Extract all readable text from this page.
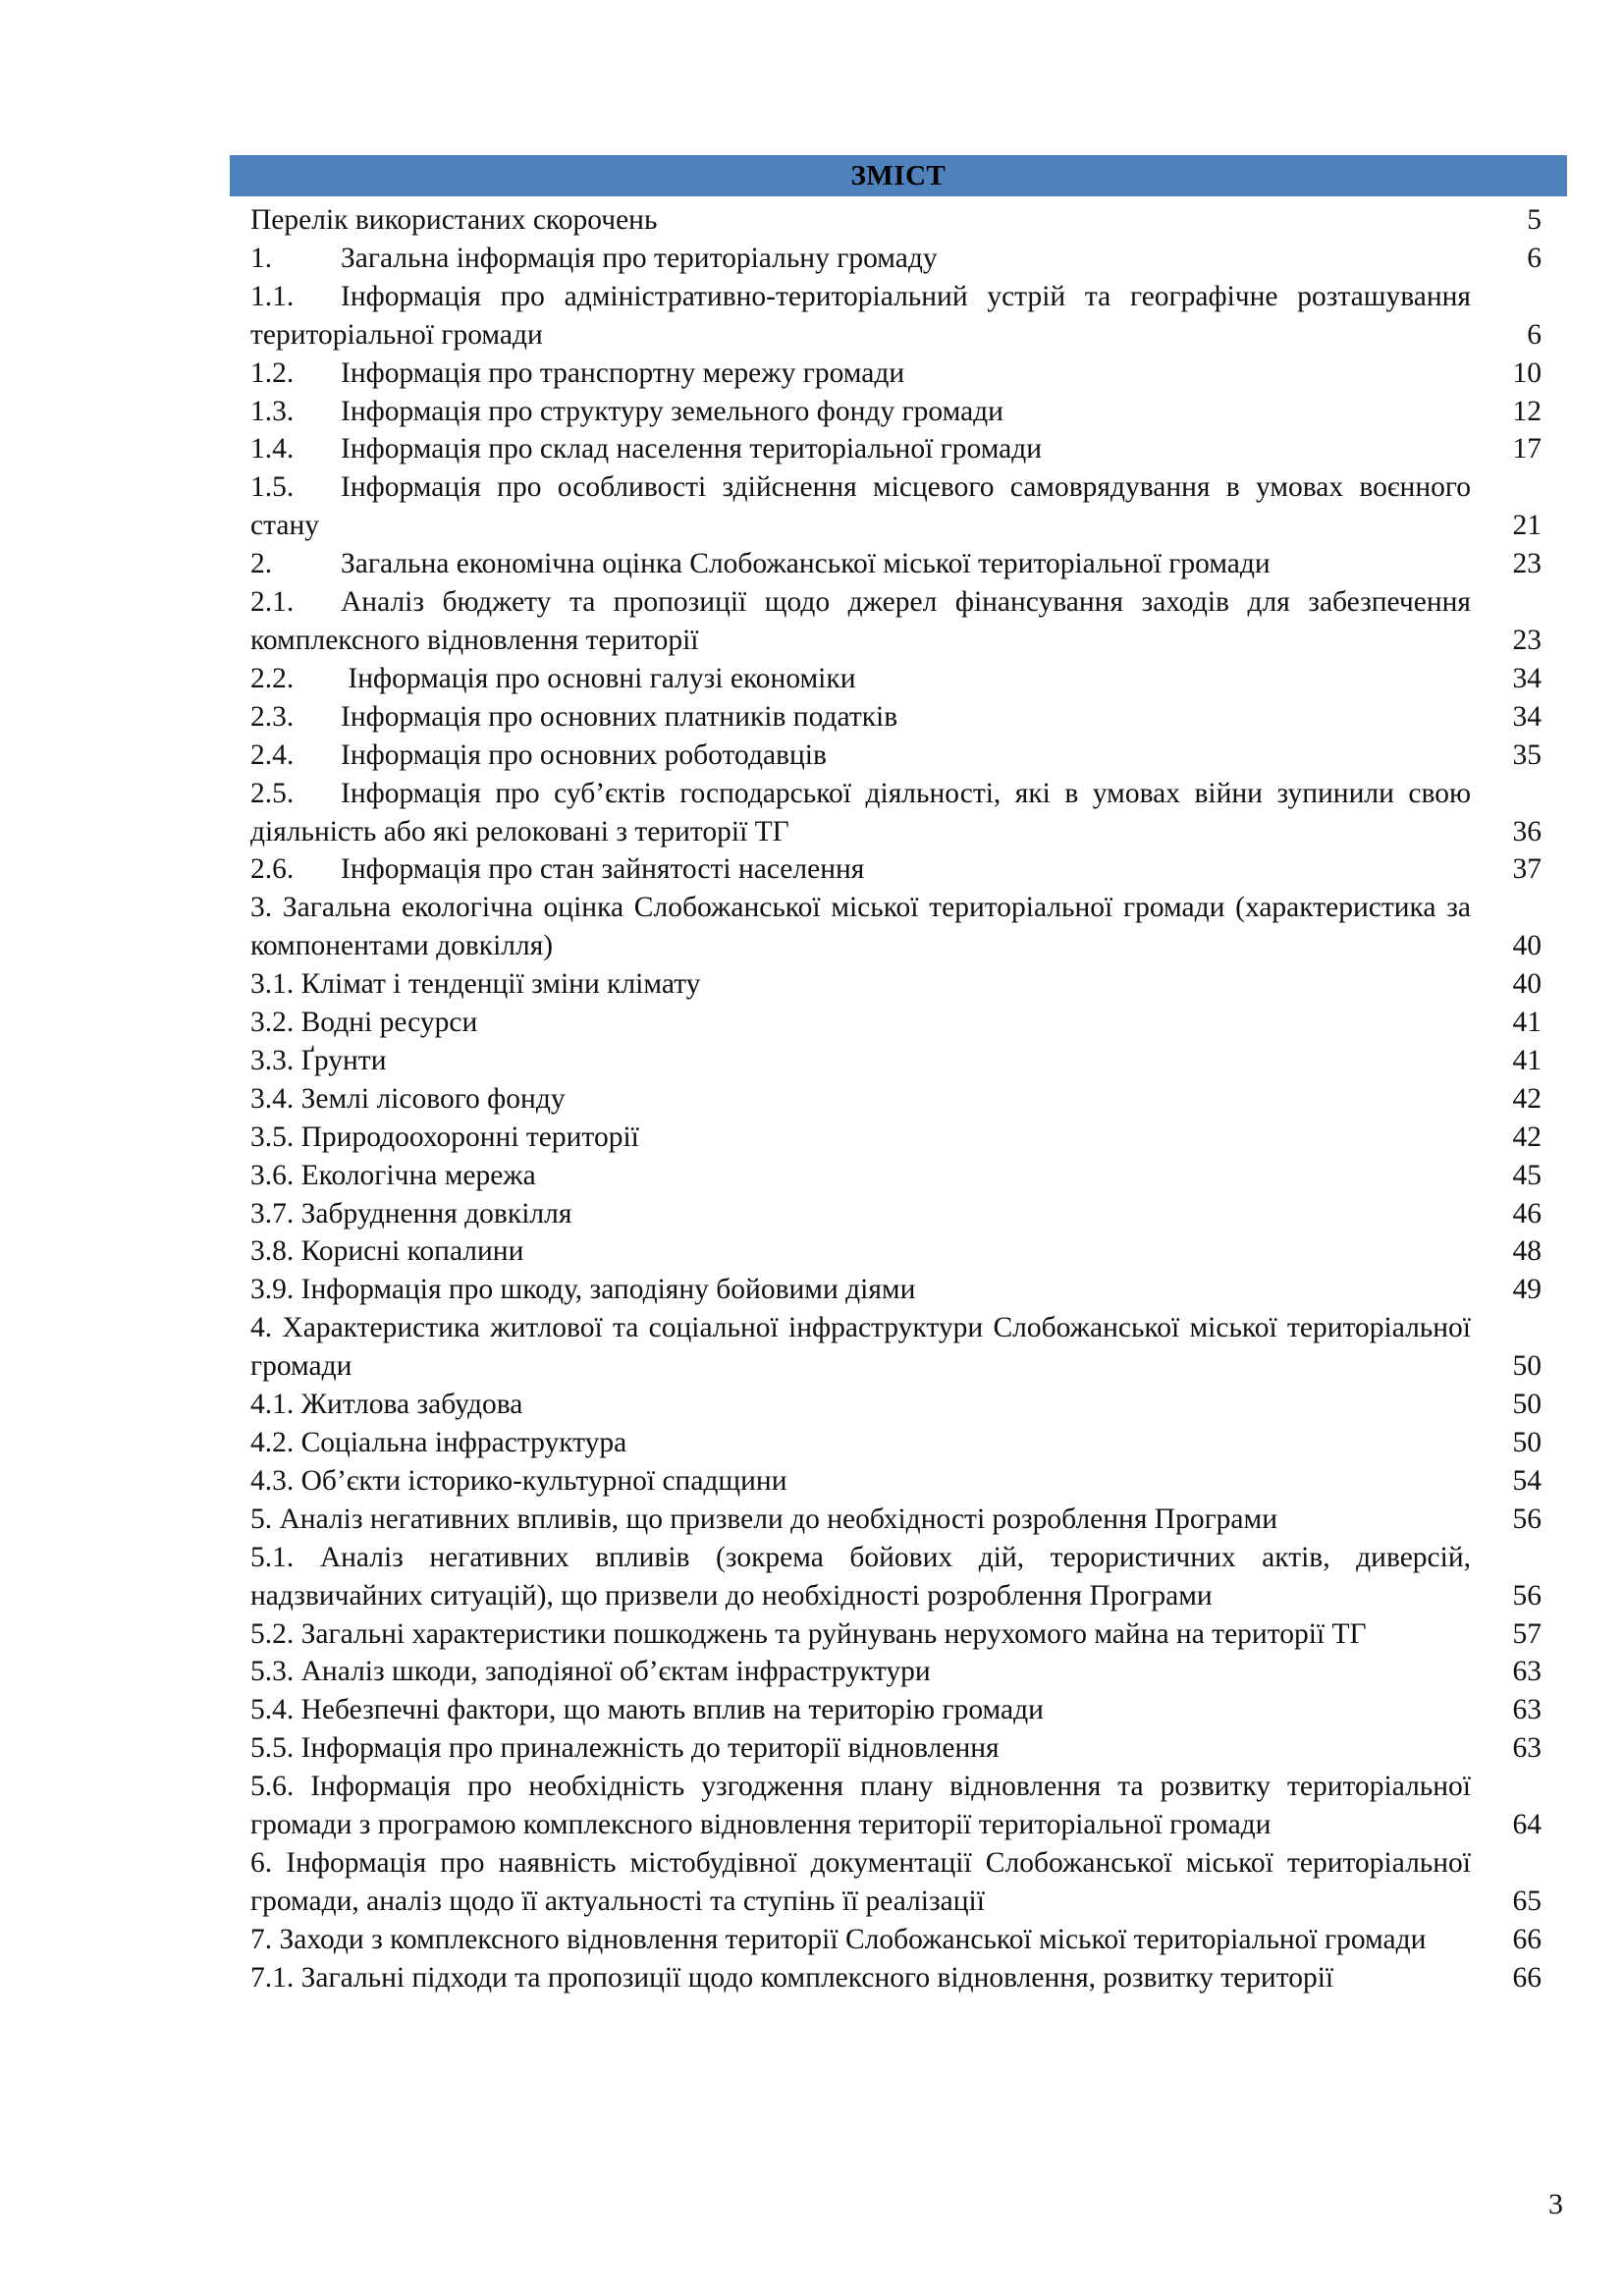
ЗМІСТ
Перелік використаних скорочень	5
1. Загальна інформація про територіальну громаду	6
1.1. Інформація про адміністративно-територіальний устрій та географічне розташування територіальної громади	6
1.2. Інформація про транспортну мережу громади	10
1.3. Інформація про структуру земельного фонду громади	12
1.4. Інформація про склад населення територіальної громади	17
1.5. Інформація про особливості здійснення місцевого самоврядування в умовах воєнного стану	21
2. Загальна економічна оцінка Слобожанської міської територіальної громади	23
2.1. Аналіз бюджету та пропозиції щодо джерел фінансування заходів для забезпечення комплексного відновлення території	23
2.2. Інформація про основні галузі економіки	34
2.3. Інформація про основних платників податків	34
2.4. Інформація про основних роботодавців	35
2.5. Інформація про суб’єктів господарської діяльності, які в умовах війни зупинили свою діяльність або які релоковані з території ТГ	36
2.6. Інформація про стан зайнятості населення	37
3. Загальна екологічна оцінка Слобожанської міської територіальної громади (характеристика за компонентами довкілля)	40
3.1. Клімат і тенденції зміни клімату	40
3.2. Водні ресурси	41
3.3. Ґрунти	41
3.4. Землі лісового фонду	42
3.5. Природоохоронні території	42
3.6. Екологічна мережа	45
3.7. Забруднення довкілля	46
3.8. Корисні копалини	48
3.9. Інформація про шкоду, заподіяну бойовими діями	49
4. Характеристика житлової та соціальної інфраструктури Слобожанської міської територіальної громади	50
4.1. Житлова забудова	50
4.2. Соціальна інфраструктура	50
4.3. Об’єкти історико-культурної спадщини	54
5. Аналіз негативних впливів, що призвели до необхідності розроблення Програми	56
5.1. Аналіз негативних впливів (зокрема бойових дій, терористичних актів, диверсій, надзвичайних ситуацій), що призвели до необхідності розроблення Програми	56
5.2. Загальні характеристики пошкоджень та руйнувань нерухомого майна на території ТГ	57
5.3. Аналіз шкоди, заподіяної об’єктам інфраструктури	63
5.4. Небезпечні фактори, що мають вплив на територію громади	63
5.5. Інформація про приналежність до території відновлення	63
5.6. Інформація про необхідність узгодження плану відновлення та розвитку територіальної громади з програмою комплексного відновлення території територіальної громади	64
6. Інформація про наявність містобудівної документації Слобожанської міської територіальної громади, аналіз щодо її актуальності та ступінь її реалізації	65
7. Заходи з комплексного відновлення території Слобожанської міської територіальної громади	66
7.1. Загальні підходи та пропозиції щодо комплексного відновлення, розвитку території	66
3
